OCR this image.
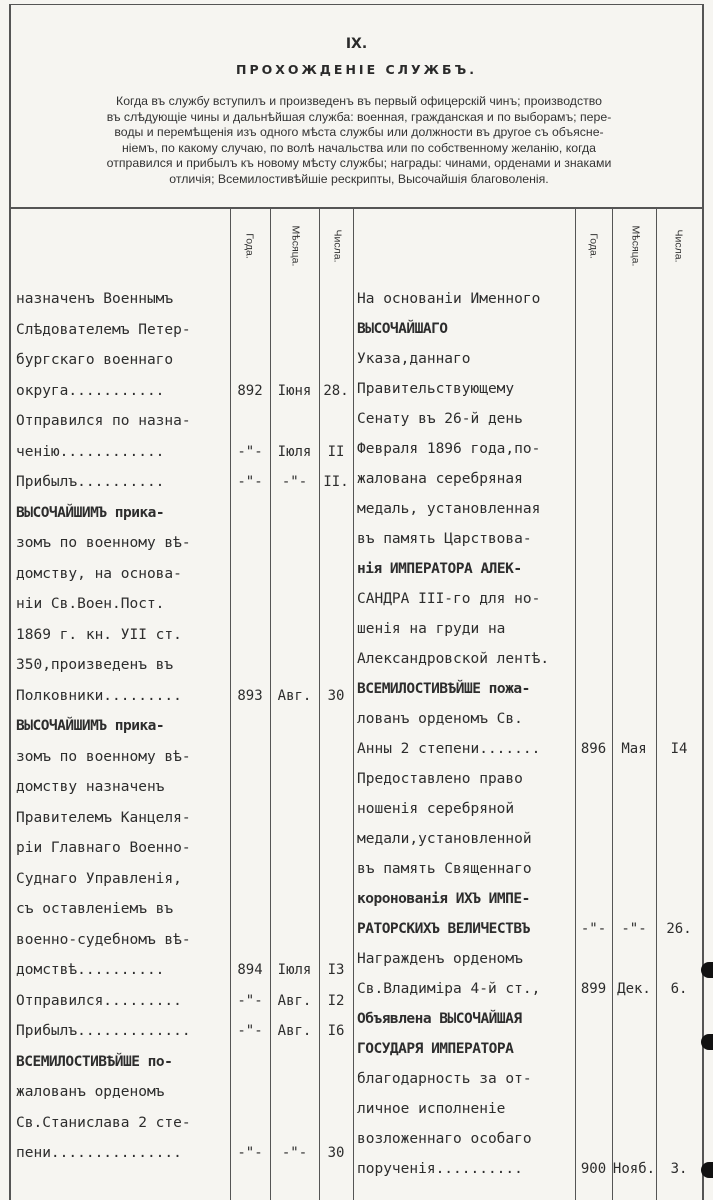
IX.
ПРОХОЖДЕНІЕ СЛУЖБЪ.
Когда въ службу вступилъ и произведенъ въ первый офицерскій чинъ; производство
въ слѣдующіе чины и дальнѣйшая служба: военная, гражданская и по выборамъ; пере-
воды и перемѣщенія изъ одного мѣста службы или должности въ другое съ объясне-
ніемъ, по какому случаю, по волѣ начальства или по собственному желанію, когда
отправился и прибылъ къ новому мѣсту службы; награды: чинами, орденами и знаками
отличія; Всемилостивѣйшіе рескрипты, Высочайшія благоволенія.
Года.	Мѣсяца.	Числа.	Года.	Мѣсяца.	Числа.
назначенъ Военнымъ
Слѣдователемъ Петер-
бургскаго военнаго
округа...........	892	Іюня 28.
Отправился по назна-
ченію............	-"-	Іюля	II
Прибылъ..........	-"-	-"-	II.
ВЫСОЧАЙШИМЪ прика-
зомъ по военному вѣ-
домству, на основа-
ніи Св.Воен.Пост.
1869 г. кн. УІІ ст.
350,произведенъ въ
Полковники.........	893	Авг.	30
ВЫСОЧАЙШИМЪ прика-
зомъ по военному вѣ-
домству назначенъ
Правителемъ Канцеля-
ріи Главнаго Военно-
Суднаго Управленія,
съ оставленіемъ въ
военно-судебномъ вѣ-
домствѣ..........	894	Іюля	I3
Отправился.........	-"-	Авг.	I2
Прибылъ.............	-"-	Авг.	I6
ВСЕМИЛОСТИВѢЙШЕ по-
жалованъ орденомъ
Св.Станислава 2 сте-
пени...............	-"-	-"-	30
На основаніи Именного
ВЫСОЧАЙШАГО
Указа,даннаго
Правительствующему
Сенату въ 26-й день
Февраля 1896 года,по-
жалована серебряная
медаль, установленная
въ память Царствова-
нія ИМПЕРАТОРА АЛЕК-
САНДРА III-го для но-
шенія на груди на
Александровской лентѣ.
ВСЕМИЛОСТИВѢЙШЕ пожа-
лованъ орденомъ Св.
Анны 2 степени.......	896	Мая	I4
Предоставлено право
ношенія серебряной
медали,установленной
въ память Священнаго
коронованія ИХЪ ИМПЕ-
РАТОРСКИХЪ ВЕЛИЧЕСТВЪ	-"-	-"-	26.
Награжденъ орденомъ
Св.Владиміра 4-й ст.,	899 Дек.	6.
Объявлена ВЫСОЧАЙШАЯ
ГОСУДАРЯ ИМПЕРАТОРА
благодарность за от-
личное исполненіе
возложеннаго особаго
порученія..........	900 Нояб.	3.
